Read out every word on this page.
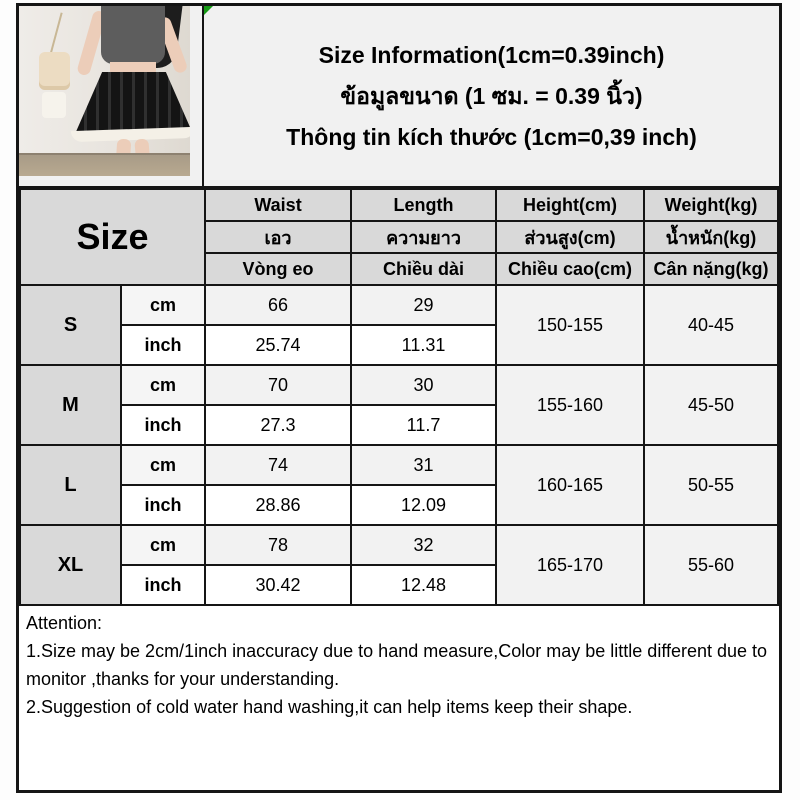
Size Information(1cm=0.39inch)
ข้อมูลขนาด (1 ซม. = 0.39 นิ้ว)
Thông tin kích thước (1cm=0,39 inch)
Size		Waist	Length	Height(cm)	Weight(kg)
		เอว	ความยาว	ส่วนสูง(cm)	น้ำหนัก(kg)
		Vòng eo	Chiều dài	Chiều cao(cm)	Cân nặng(kg)
S	cm	66	29	150-155	40-45
	inch	25.74	11.31		
M	cm	70	30	155-160	45-50
	inch	27.3	11.7		
L	cm	74	31	160-165	50-55
	inch	28.86	12.09		
XL	cm	78	32	165-170	55-60
	inch	30.42	12.48		
Attention:
1.Size may be 2cm/1inch inaccuracy due to hand measure,Color may be little different due to monitor ,thanks for your understanding.
2.Suggestion of cold water hand washing,it can help items keep their shape.
